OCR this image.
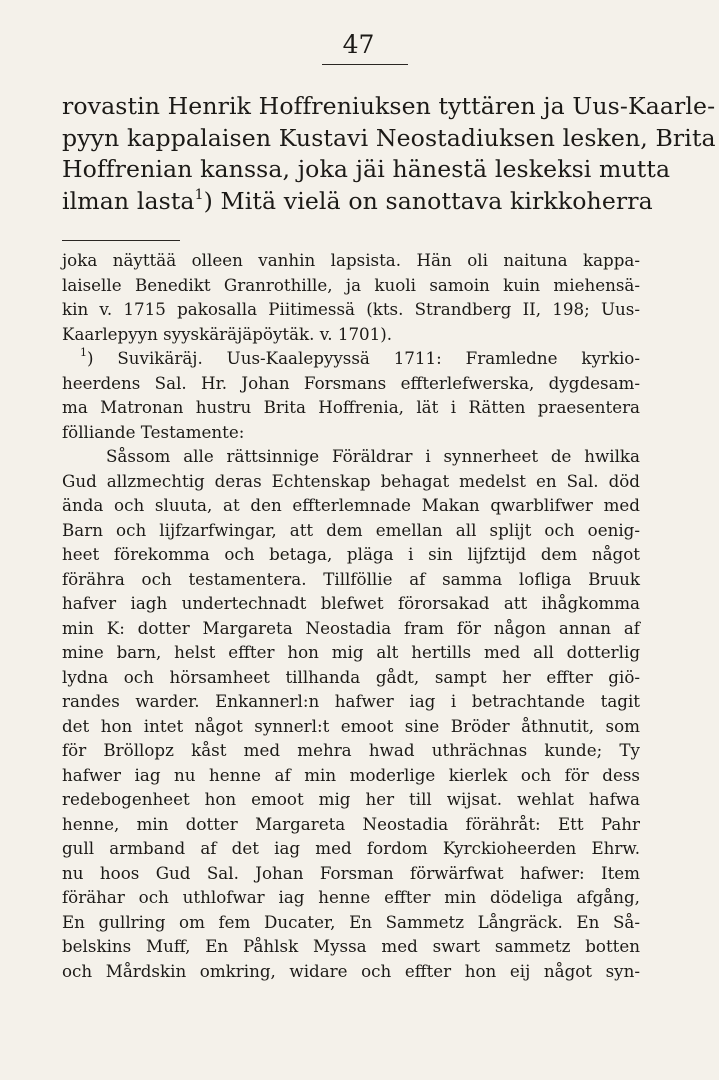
47
rovastin Henrik Hoffreniuksen tyttären ja Uus-Kaarle-
pyyn kappalaisen Kustavi Neostadiuksen lesken, Brita
Hoffrenian kanssa, joka jäi hänestä leskeksi mutta
ilman lasta$^1$) Mitä vielä on sanottava kirkkoherra
joka näyttää olleen vanhin lapsista. Hän oli naituna kappa-
laiselle Benedikt Granrothille, ja kuoli samoin kuin miehensä-
kin v. 1715 pakosalla Piitimessä (kts. Strandberg II, 198; Uus-
Kaarlepyyn syyskäräjäpöytäk. v. 1701).
$^1$) Suvikäräj. Uus-Kaalepyyssä 1711: Framledne kyrkio-
heerdens Sal. Hr. Johan Forsmans effterlefwerska, dygdesam-
ma Matronan hustru Brita Hoffrenia, lät i Rätten praesentera
fölliande Testamente:
Såssom alle rättsinnige Föräldrar i synnerheet de hwilka
Gud allzmechtig deras Echtenskap behagat medelst en Sal. död
ända och sluuta, at den effterlemnade Makan qwarblifwer med
Barn och lijfzarfwingar, att dem emellan all splijt och oenig-
heet förekomma och betaga, pläga i sin lijfztijd dem något
förähra och testamentera. Tillföllie af samma lofliga Bruuk
hafver iagh undertechnadt blefwet förorsakad att ihågkomma
min K: dotter Margareta Neostadia fram för någon annan af
mine barn, helst effter hon mig alt hertills med all dotterlig
lydna och hörsamheet tillhanda gådt, sampt her effter giö-
randes warder. Enkannerl:n hafwer iag i betrachtande tagit
det hon intet något synnerl:t emoot sine Bröder åthnutit, som
för Bröllopz kåst med mehra hwad uthrächnas kunde; Ty
hafwer iag nu henne af min moderlige kierlek och för dess
redebogenheet hon emoot mig her till wijsat. wehlat hafwa
henne, min dotter Margareta Neostadia förähråt: Ett Pahr
gull armband af det iag med fordom Kyrckioheerden Ehrw.
nu hoos Gud Sal. Johan Forsman förwärfwat hafwer: Item
förähar och uthlofwar iag henne effter min dödeliga afgång,
En gullring om fem Ducater, En Sammetz Långräck. En Så-
belskins Muff, En Påhlsk Myssa med swart sammetz botten
och Mårdskin omkring, widare och effter hon eij något syn-
